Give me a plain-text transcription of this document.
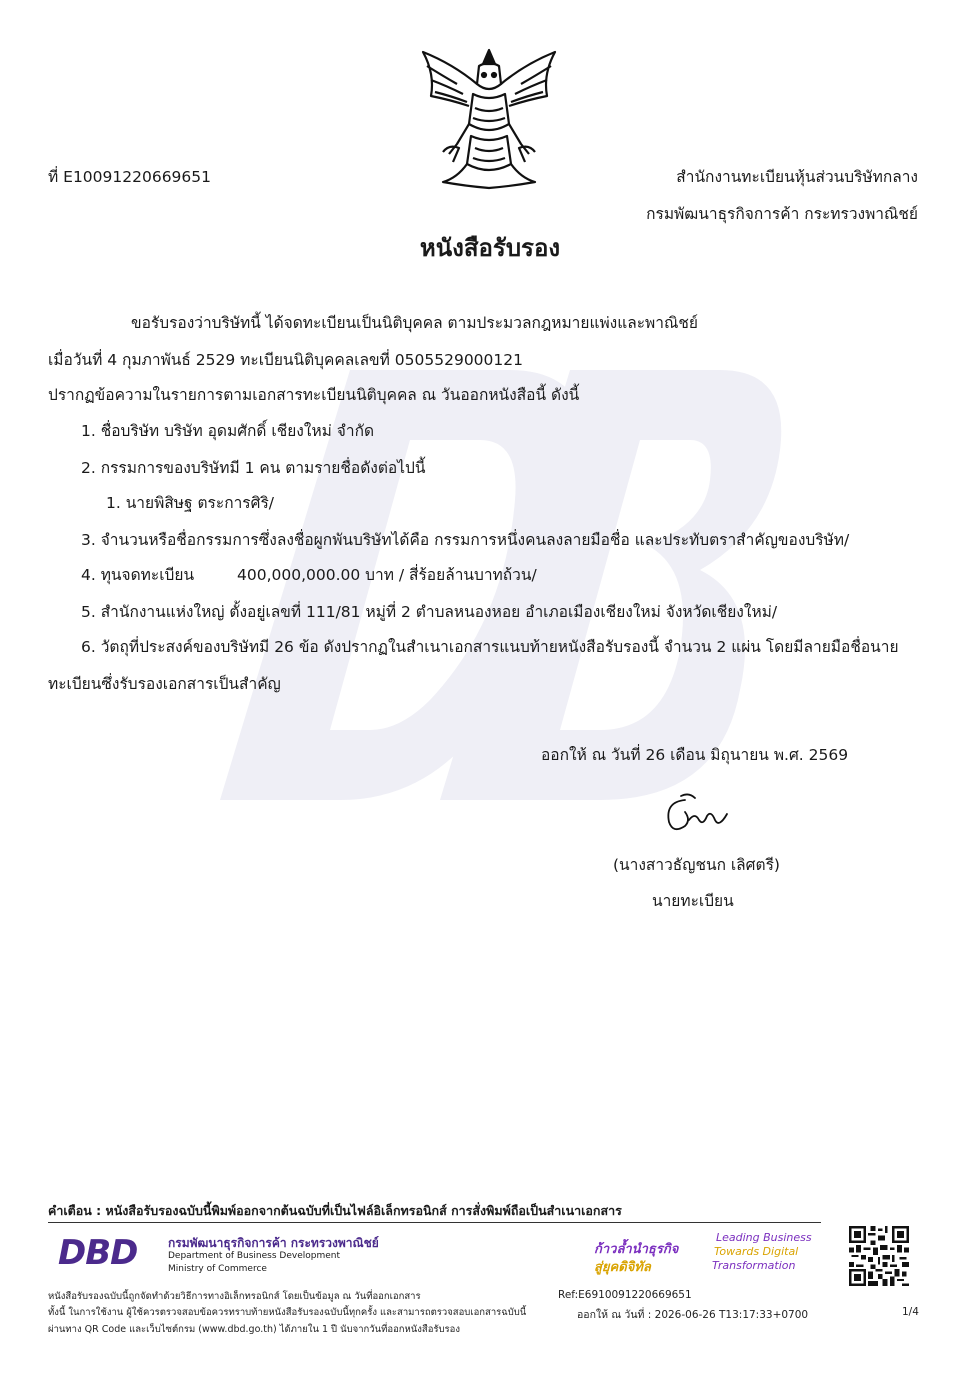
ที่ E10091220669651	สำนักงานทะเบียนหุ้นส่วนบริษัทกลาง
กรมพัฒนาธุรกิจการค้า กระทรวงพาณิชย์
หนังสือรับรอง
ขอรับรองว่าบริษัทนี้ ได้จดทะเบียนเป็นนิติบุคคล ตามประมวลกฎหมายแพ่งและพาณิชย์
เมื่อวันที่ 4 กุมภาพันธ์ 2529 ทะเบียนนิติบุคคลเลขที่ 0505529000121
ปรากฏข้อความในรายการตามเอกสารทะเบียนนิติบุคคล ณ วันออกหนังสือนี้ ดังนี้
1. ชื่อบริษัท บริษัท อุดมศักดิ์ เชียงใหม่ จำกัด
2. กรรมการของบริษัทมี 1 คน ตามรายชื่อดังต่อไปนี้
1. นายพิสิษฐ ตระการศิริ/
3. จำนวนหรือชื่อกรรมการซึ่งลงชื่อผูกพันบริษัทได้คือ กรรมการหนึ่งคนลงลายมือชื่อ และประทับตราสำคัญของบริษัท/
4. ทุนจดทะเบียน	400,000,000.00 บาท / สี่ร้อยล้านบาทถ้วน/
5. สำนักงานแห่งใหญ่ ตั้งอยู่เลขที่ 111/81 หมู่ที่ 2 ตำบลหนองหอย อำเภอเมืองเชียงใหม่ จังหวัดเชียงใหม่/
6. วัตถุที่ประสงค์ของบริษัทมี 26 ข้อ ดังปรากฏในสำเนาเอกสารแนบท้ายหนังสือรับรองนี้ จำนวน 2 แผ่น โดยมีลายมือชื่อนาย
ทะเบียนซึ่งรับรองเอกสารเป็นสำคัญ
ออกให้ ณ วันที่ 26 เดือน มิถุนายน พ.ศ. 2569
(นางสาวธัญชนก เลิศตรี)
นายทะเบียน
คำเตือน : หนังสือรับรองฉบับนี้พิมพ์ออกจากต้นฉบับที่เป็นไฟล์อิเล็กทรอนิกส์ การสั่งพิมพ์ถือเป็นสำเนาเอกสาร
DBD	กรมพัฒนาธุรกิจการค้า กระทรวงพาณิชย์
Department of Business Development
Ministry of Commerce
ก้าวล้ำนำธุรกิจ
สู่ยุคดิจิทัล
Leading Business
Towards Digital
Transformation
หนังสือรับรองฉบับนี้ถูกจัดทำด้วยวิธีการทางอิเล็กทรอนิกส์ โดยเป็นข้อมูล ณ วันที่ออกเอกสาร
ทั้งนี้ ในการใช้งาน ผู้ใช้ควรตรวจสอบข้อควรทราบท้ายหนังสือรับรองฉบับนี้ทุกครั้ง และสามารถตรวจสอบเอกสารฉบับนี้
ผ่านทาง QR Code และเว็บไซต์กรม (www.dbd.go.th) ได้ภายใน 1 ปี นับจากวันที่ออกหนังสือรับรอง
Ref:E6910091220669651
ออกให้ ณ วันที่ : 2026-06-26 T13:17:33+0700	1/4
